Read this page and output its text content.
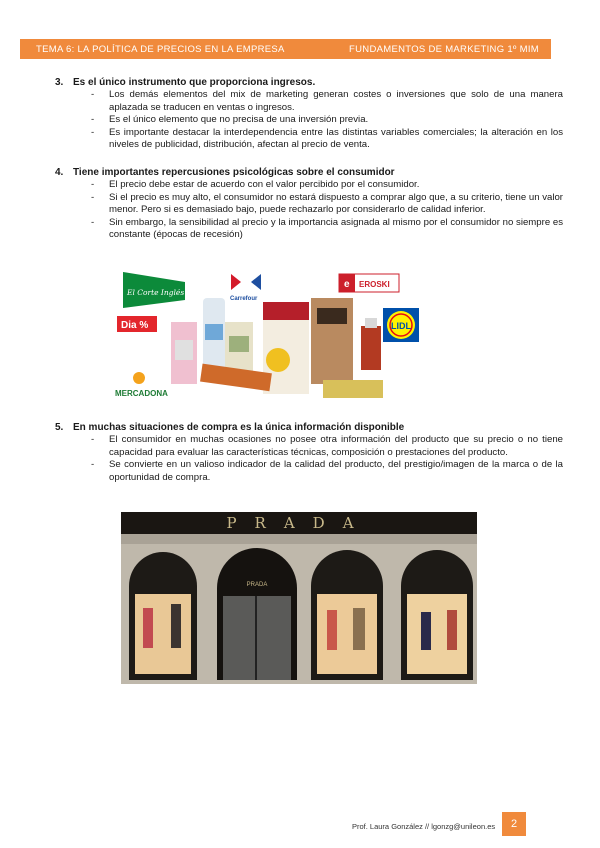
TEMA 6: LA POLÍTICA DE PRECIOS EN LA EMPRESA	FUNDAMENTOS DE MARKETING 1º MIM
3. Es el único instrumento que proporciona ingresos.
- Los demás elementos del mix de marketing generan costes o inversiones que solo de una manera aplazada se traducen en ventas o ingresos.
- Es el único elemento que no precisa de una inversión previa.
- Es importante destacar la interdependencia entre las distintas variables comerciales; la alteración en los niveles de publicidad, distribución, afectan al precio de venta.
4. Tiene importantes repercusiones psicológicas sobre el consumidor
- El precio debe estar de acuerdo con el valor percibido por el consumidor.
- Si el precio es muy alto, el consumidor no estará dispuesto a comprar algo que, a su criterio, tiene un valor menor. Pero si es demasiado bajo, puede rechazarlo por considerarlo de calidad inferior.
- Sin embargo, la sensibilidad al precio y la importancia asignada al mismo por el consumidor no siempre es constante (épocas de recesión)
El Corte Inglés
Carrefour
e EROSKI
Dia %	LIDL
MERCADONA
5. En muchas situaciones de compra es la única información disponible
- El consumidor en muchas ocasiones no posee otra información del producto que su precio o no tiene capacidad para evaluar las características técnicas, composición o prestaciones del producto.
- Se convierte en un valioso indicador de la calidad del producto, del prestigio/imagen de la marca o de la oportunidad de compra.
PRADA
PRADA
Prof. Laura González // lgonzg@unileon.es	2
